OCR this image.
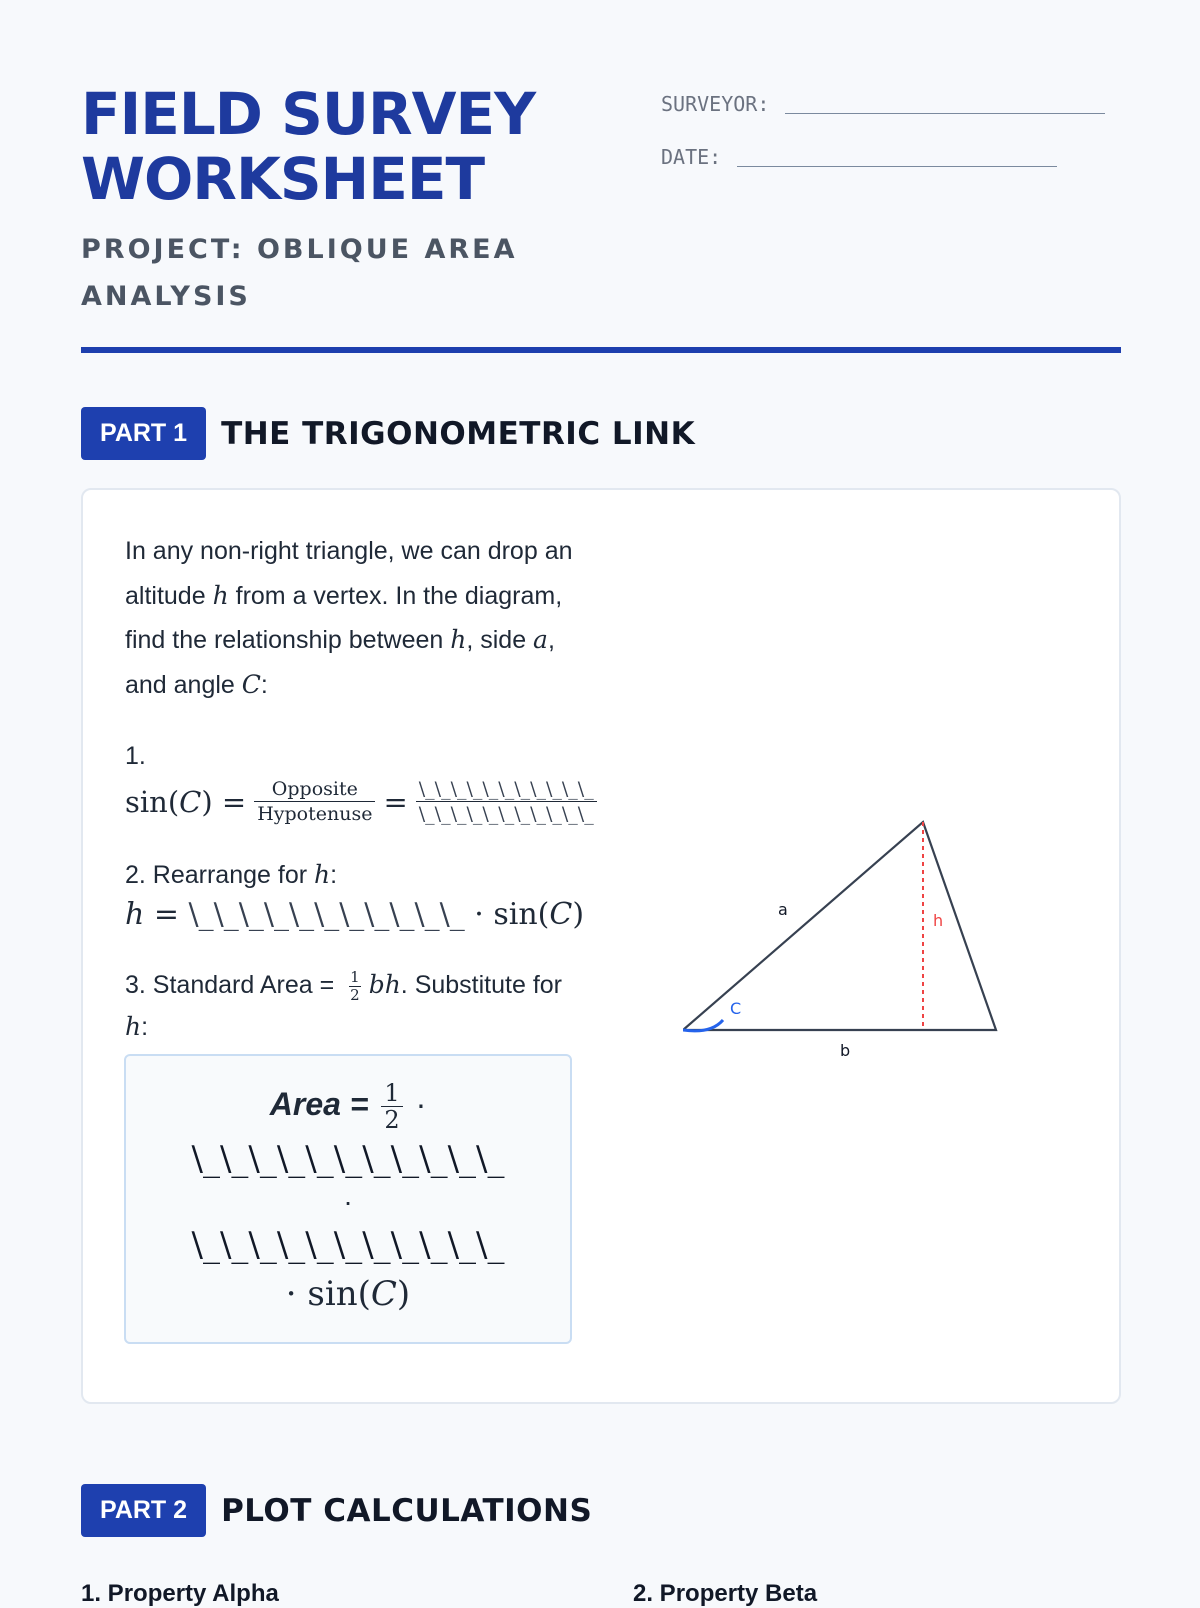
FIELD SURVEY
WORKSHEET
PROJECT: OBLIQUE AREA
ANALYSIS
SURVEYOR:
DATE:
PART 1	THE TRIGONOMETRIC LINK

In any non-right triangle, we can drop an altitude h from a vertex. In the diagram, find the relationship between h, side a, and angle C:

1.
sin( C ) = $\frac{\text{Opposite}}{\text{Hypotenuse}} = \frac{\backslash\_\backslash\_\backslash\_\backslash\_\backslash\_\backslash\_\backslash\_\backslash\_\backslash\_\backslash\_\backslash\_}{\backslash\_\backslash\_\backslash\_\backslash\_\backslash\_\backslash\_\backslash\_\backslash\_\backslash\_\backslash\_\backslash\_}$
2. Rearrange for h:
h = \_\_\_\_\_\_\_\_\_\_\_ · sin(C)
3. Standard Area = $\frac{1}{2}$ bh. Substitute for h:
Area = $\frac{1}{2}$ ·
\_\_\_\_\_\_\_\_\_\_\_
·
\_\_\_\_\_\_\_\_\_\_\_
· sin(C)
a
b
h
C
PART 2	PLOT CALCULATIONS
1. Property Alpha	2. Property Beta
